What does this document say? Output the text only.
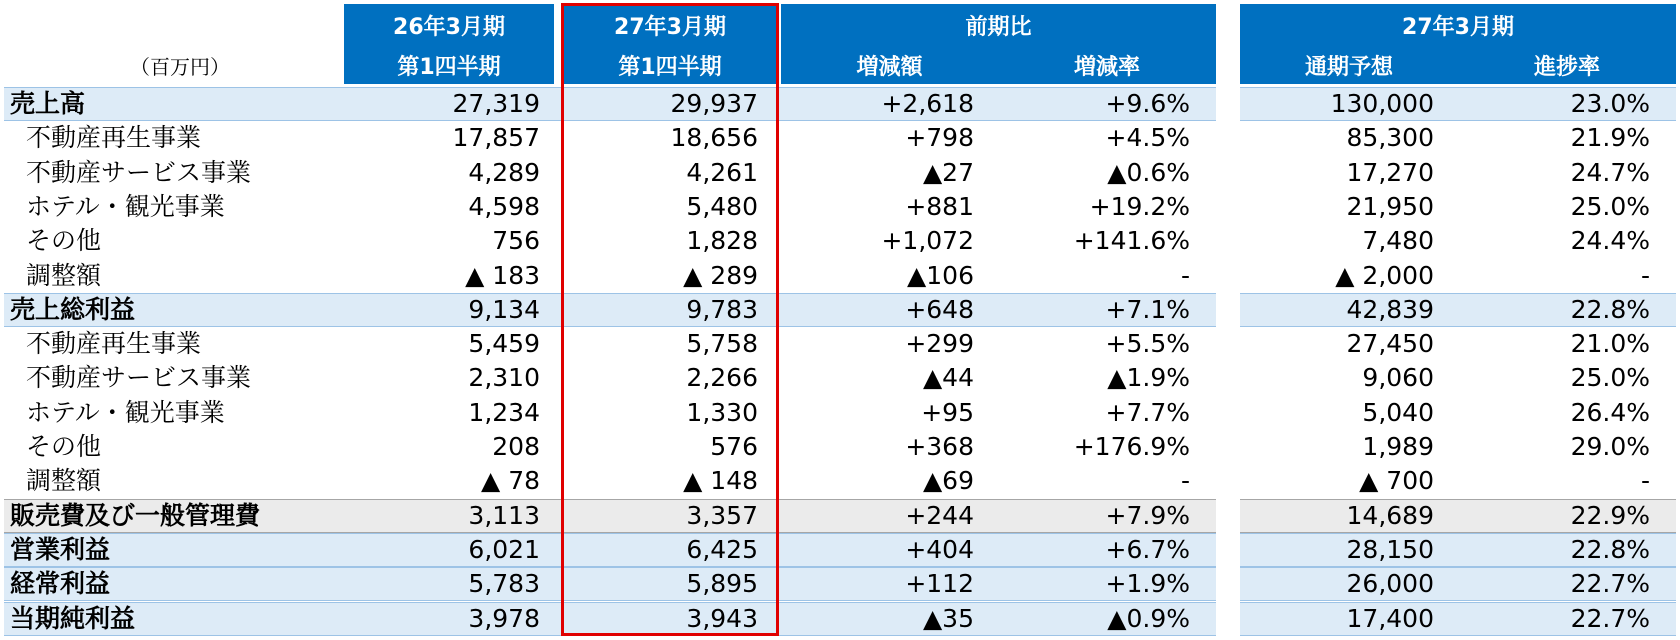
（百万円）
26年3月期
第1四半期
27年3月期
第1四半期
前期比
増減額	増減率
27年3月期
通期予想	進捗率
売上高	27,319	29,937	+2,618	+9.6%	130,000	23.0%
不動産再生事業	17,857	18,656	+798	+4.5%	85,300	21.9%
不動産サービス事業	4,289	4,261	▲27	▲0.6%	17,270	24.7%
ホテル・観光事業	4,598	5,480	+881	+19.2%	21,950	25.0%
その他	756	1,828	+1,072	+141.6%	7,480	24.4%
調整額	▲ 183	▲ 289	▲106	-	▲ 2,000	-
売上総利益	9,134	9,783	+648	+7.1%	42,839	22.8%
不動産再生事業	5,459	5,758	+299	+5.5%	27,450	21.0%
不動産サービス事業	2,310	2,266	▲44	▲1.9%	9,060	25.0%
ホテル・観光事業	1,234	1,330	+95	+7.7%	5,040	26.4%
その他	208	576	+368	+176.9%	1,989	29.0%
調整額	▲ 78	▲ 148	▲69	-	▲ 700	-
販売費及び一般管理費	3,113	3,357	+244	+7.9%	14,689	22.9%
営業利益	6,021	6,425	+404	+6.7%	28,150	22.8%
経常利益	5,783	5,895	+112	+1.9%	26,000	22.7%
当期純利益	3,978	3,943	▲35	▲0.9%	17,400	22.7%
